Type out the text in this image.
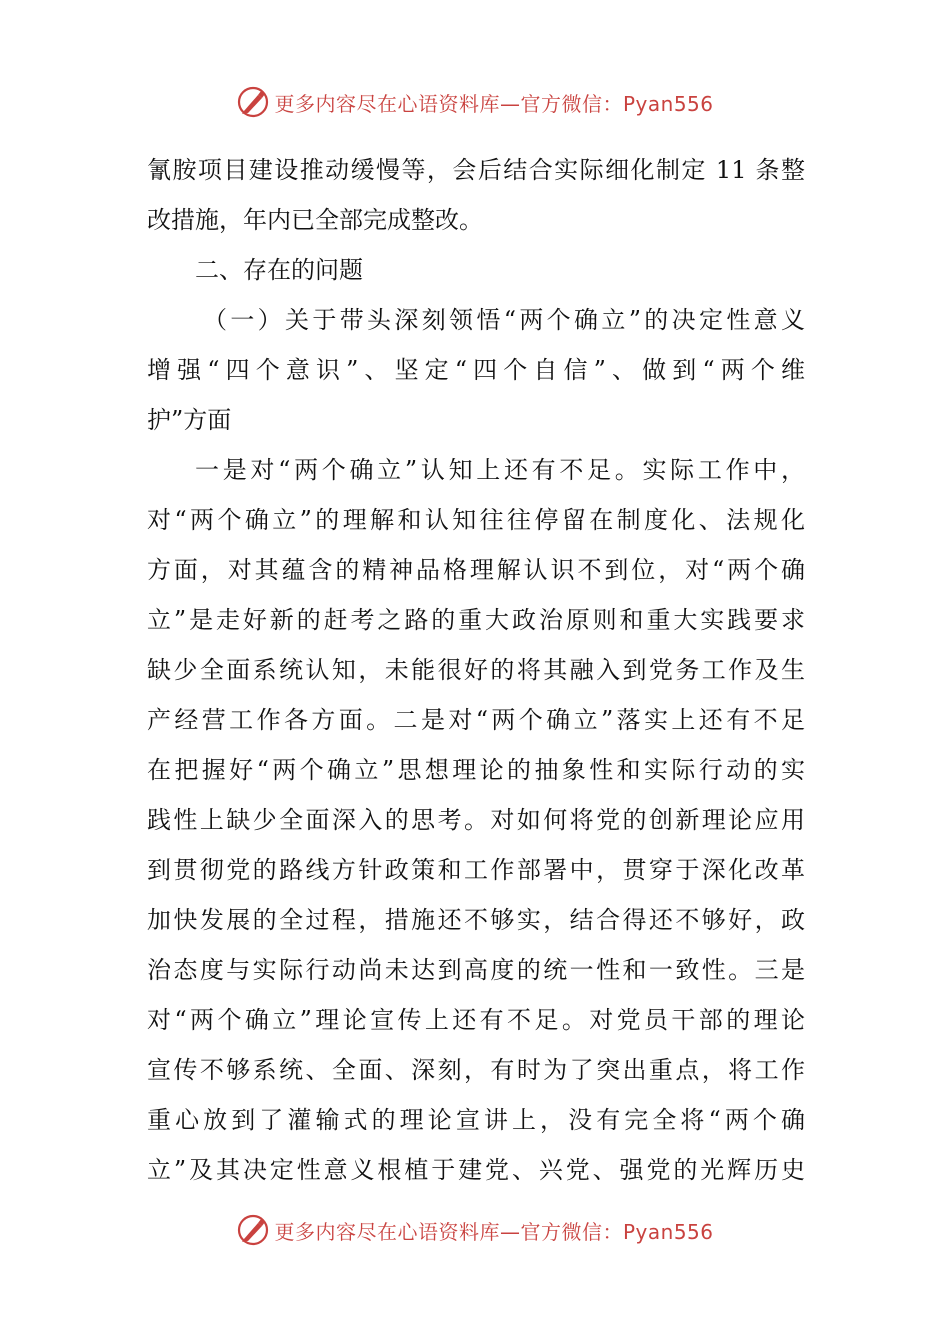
更多内容尽在心语资料库—官方微信：Pyan556
氰胺项目建设推动缓慢等，会后结合实际细化制定 11 条整
改措施，年内已全部完成整改。
二、存在的问题
（一）关于带头深刻领悟“两个确立”的决定性意义
增强“四个意识”、坚定“四个自信”、做到“两个维
护”方面
一是对“两个确立”认知上还有不足。实际工作中，
对“两个确立”的理解和认知往往停留在制度化、法规化
方面，对其蕴含的精神品格理解认识不到位，对“两个确
立”是走好新的赶考之路的重大政治原则和重大实践要求
缺少全面系统认知，未能很好的将其融入到党务工作及生
产经营工作各方面。二是对“两个确立”落实上还有不足
在把握好“两个确立”思想理论的抽象性和实际行动的实
践性上缺少全面深入的思考。对如何将党的创新理论应用
到贯彻党的路线方针政策和工作部署中，贯穿于深化改革
加快发展的全过程，措施还不够实，结合得还不够好，政
治态度与实际行动尚未达到高度的统一性和一致性。三是
对“两个确立”理论宣传上还有不足。对党员干部的理论
宣传不够系统、全面、深刻，有时为了突出重点，将工作
重心放到了灌输式的理论宣讲上，没有完全将“两个确
立”及其决定性意义根植于建党、兴党、强党的光辉历史
更多内容尽在心语资料库—官方微信：Pyan556
